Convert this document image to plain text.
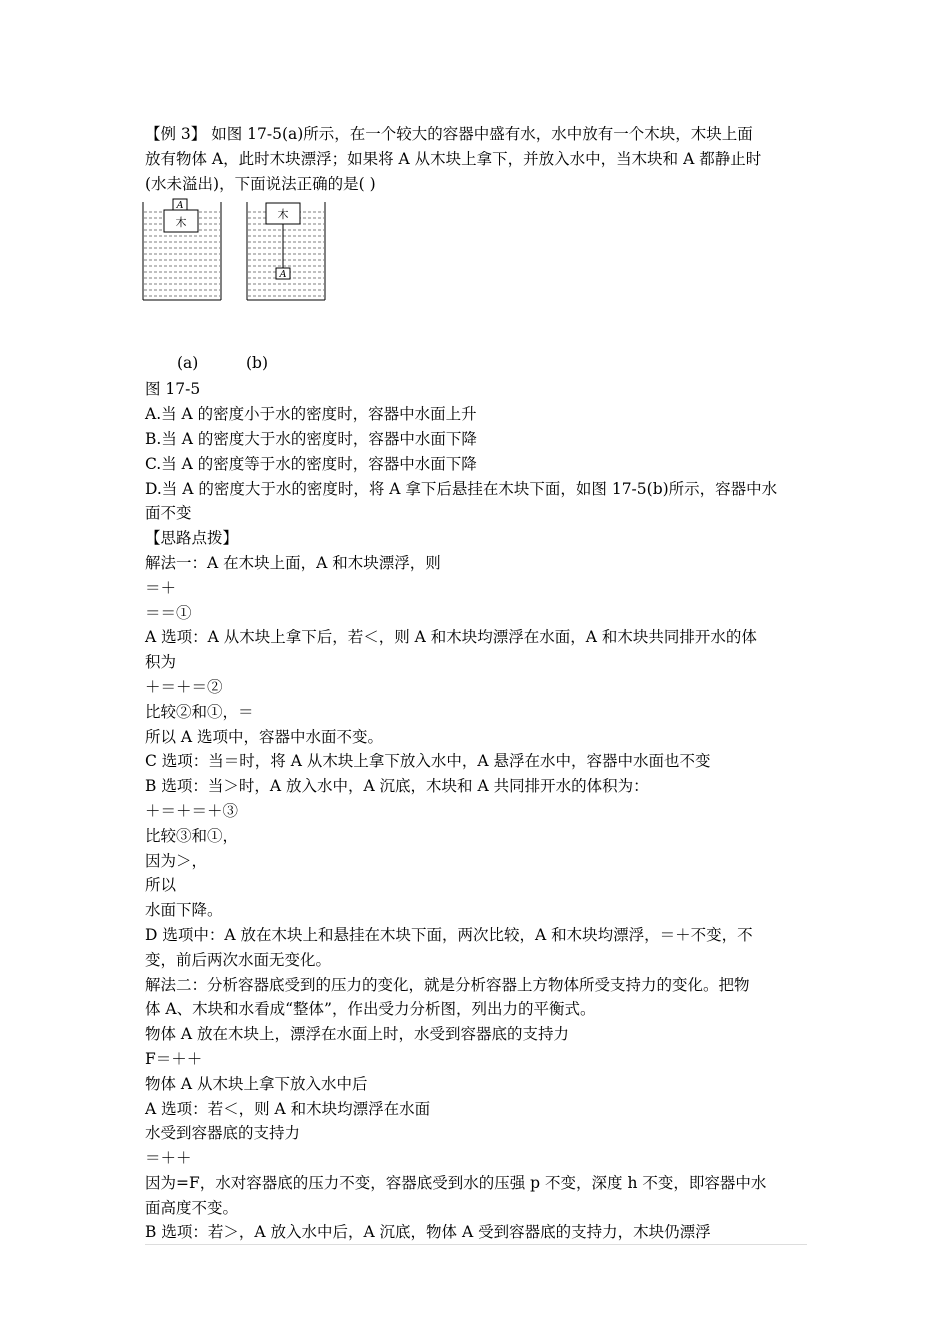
【例 3】 如图 17-5(a)所示，在一个较大的容器中盛有水，水中放有一个木块，木块上面
放有物体 A，此时木块漂浮；如果将 A 从木块上拿下，并放入水中，当木块和 A 都静止时
(水未溢出)，下面说法正确的是( )
A
木
木
A
(a)	(b)
图 17-5
A.当 A 的密度小于水的密度时，容器中水面上升
B.当 A 的密度大于水的密度时，容器中水面下降
C.当 A 的密度等于水的密度时，容器中水面下降
D.当 A 的密度大于水的密度时，将 A 拿下后悬挂在木块下面，如图 17-5(b)所示，容器中水
面不变
【思路点拨】
解法一：A 在木块上面，A 和木块漂浮，则
＝＋
＝＝①
A 选项：A 从木块上拿下后，若＜，则 A 和木块均漂浮在水面，A 和木块共同排开水的体
积为
＋＝＋＝②
比较②和①，＝
所以 A 选项中，容器中水面不变。
C 选项：当＝时，将 A 从木块上拿下放入水中，A 悬浮在水中，容器中水面也不变
B 选项：当＞时，A 放入水中，A 沉底，木块和 A 共同排开水的体积为：
＋＝＋＝＋③
比较③和①，
因为＞，
所以
水面下降。
D 选项中：A 放在木块上和悬挂在木块下面，两次比较，A 和木块均漂浮，＝＋不变，不
变，前后两次水面无变化。
解法二：分析容器底受到的压力的变化，就是分析容器上方物体所受支持力的变化。把物
体 A、木块和水看成“整体”，作出受力分析图，列出力的平衡式。
物体 A 放在木块上，漂浮在水面上时，水受到容器底的支持力
F＝＋＋
物体 A 从木块上拿下放入水中后
A 选项：若＜，则 A 和木块均漂浮在水面
水受到容器底的支持力
＝＋＋
因为=F，水对容器底的压力不变，容器底受到水的压强 p 不变，深度 h 不变，即容器中水
面高度不变。
B 选项：若＞，A 放入水中后，A 沉底，物体 A 受到容器底的支持力，木块仍漂浮
